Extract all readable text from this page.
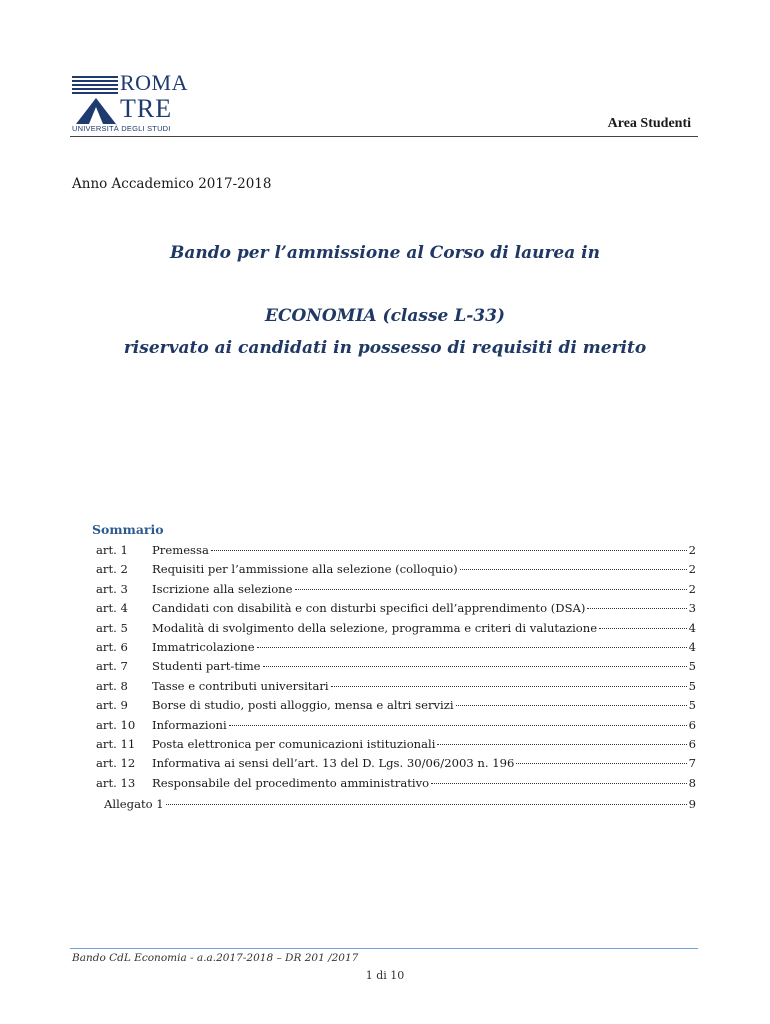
ROMA
TRE
UNIVERSITÀ DEGLI STUDI	Area Studenti
Anno Accademico 2017-2018
Bando per l’ammissione al Corso di laurea in
ECONOMIA (classe L-33)
riservato ai candidati in possesso di requisiti di merito
Sommario
art. 1	Premessa	2
art. 2	Requisiti per l’ammissione alla selezione (colloquio)	2
art. 3	Iscrizione alla selezione	2
art. 4	Candidati con disabilità e con disturbi specifici dell’apprendimento (DSA)	3
art. 5	Modalità di svolgimento della selezione, programma e criteri di valutazione	4
art. 6	Immatricolazione	4
art. 7	Studenti part-time	5
art. 8	Tasse e contributi universitari	5
art. 9	Borse di studio, posti alloggio, mensa e altri servizi	5
art. 10	Informazioni	6
art. 11	Posta elettronica per comunicazioni istituzionali	6
art. 12	Informativa ai sensi dell’art. 13 del D. Lgs. 30/06/2003 n. 196	7
art. 13	Responsabile del procedimento amministrativo	8
Allegato 1	9
Bando CdL Economia - a.a.2017-2018 – DR 201 /2017
1 di 10
